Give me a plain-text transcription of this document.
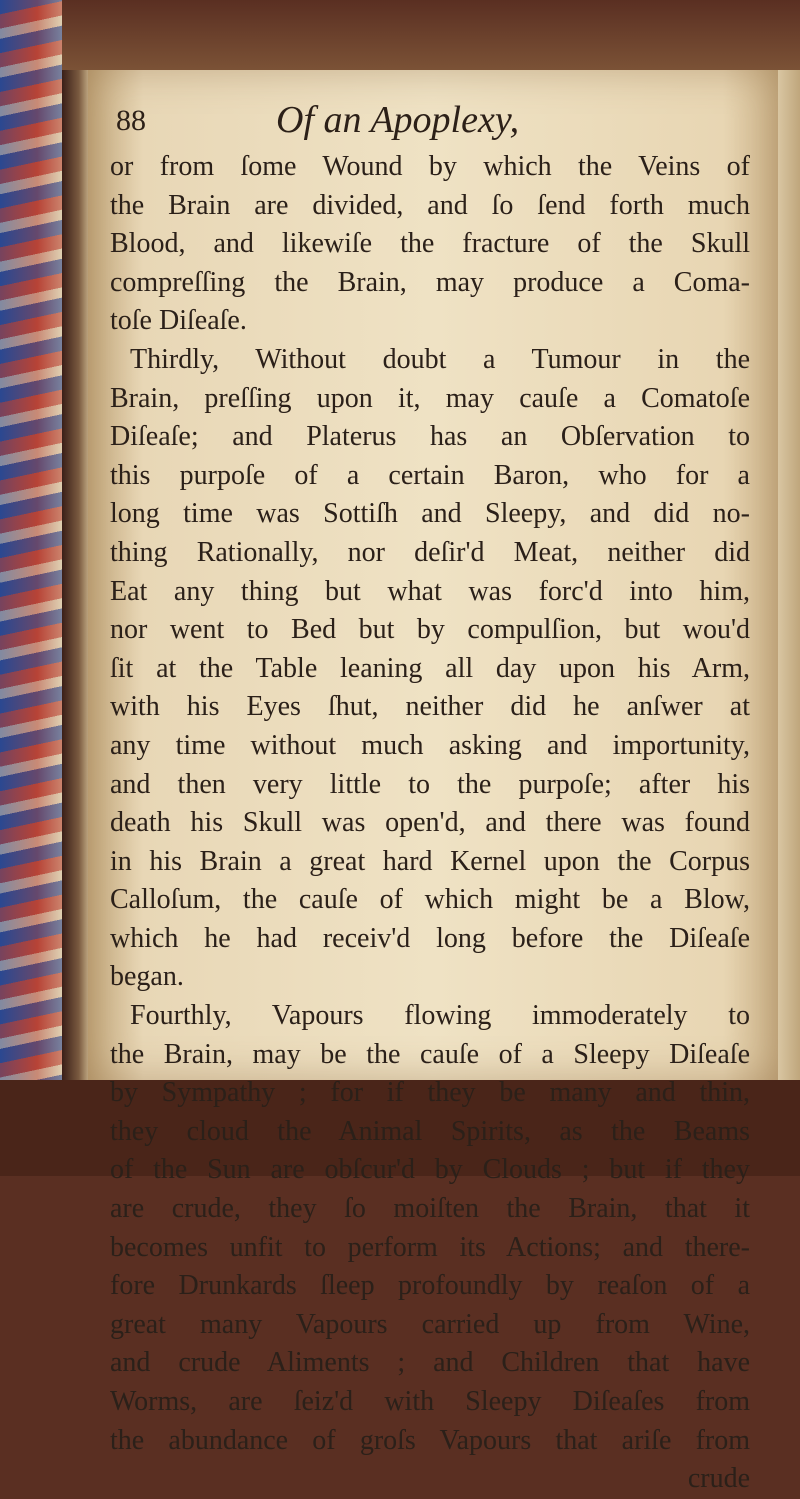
88	Of an Apoplexy,
or from ſome Wound by which the Veins of
the Brain are divided, and ſo ſend forth much
Blood, and likewiſe the fracture of the Skull
compreſſing the Brain, may produce a Coma-
toſe Diſeaſe.
Thirdly, Without doubt a Tumour in the
Brain, preſſing upon it, may cauſe a Comatoſe
Diſeaſe; and Platerus has an Obſervation to
this purpoſe of a certain Baron, who for a
long time was Sottiſh and Sleepy, and did no-
thing Rationally, nor deſir'd Meat, neither did
Eat any thing but what was forc'd into him,
nor went to Bed but by compulſion, but wou'd
ſit at the Table leaning all day upon his Arm,
with his Eyes ſhut, neither did he anſwer at
any time without much asking and importunity,
and then very little to the purpoſe; after his
death his Skull was open'd, and there was found
in his Brain a great hard Kernel upon the Corpus
Calloſum, the cauſe of which might be a Blow,
which he had receiv'd long before the Diſeaſe
began.
Fourthly, Vapours flowing immoderately to
the Brain, may be the cauſe of a Sleepy Diſeaſe
by Sympathy ; for if they be many and thin,
they cloud the Animal Spirits, as the Beams
of the Sun are obſcur'd by Clouds ; but if they
are crude, they ſo moiſten the Brain, that it
becomes unfit to perform its Actions; and there-
fore Drunkards ſleep profoundly by reaſon of a
great many Vapours carried up from Wine,
and crude Aliments ; and Children that have
Worms, are ſeiz'd with Sleepy Diſeaſes from
the abundance of groſs Vapours that ariſe from
crude
